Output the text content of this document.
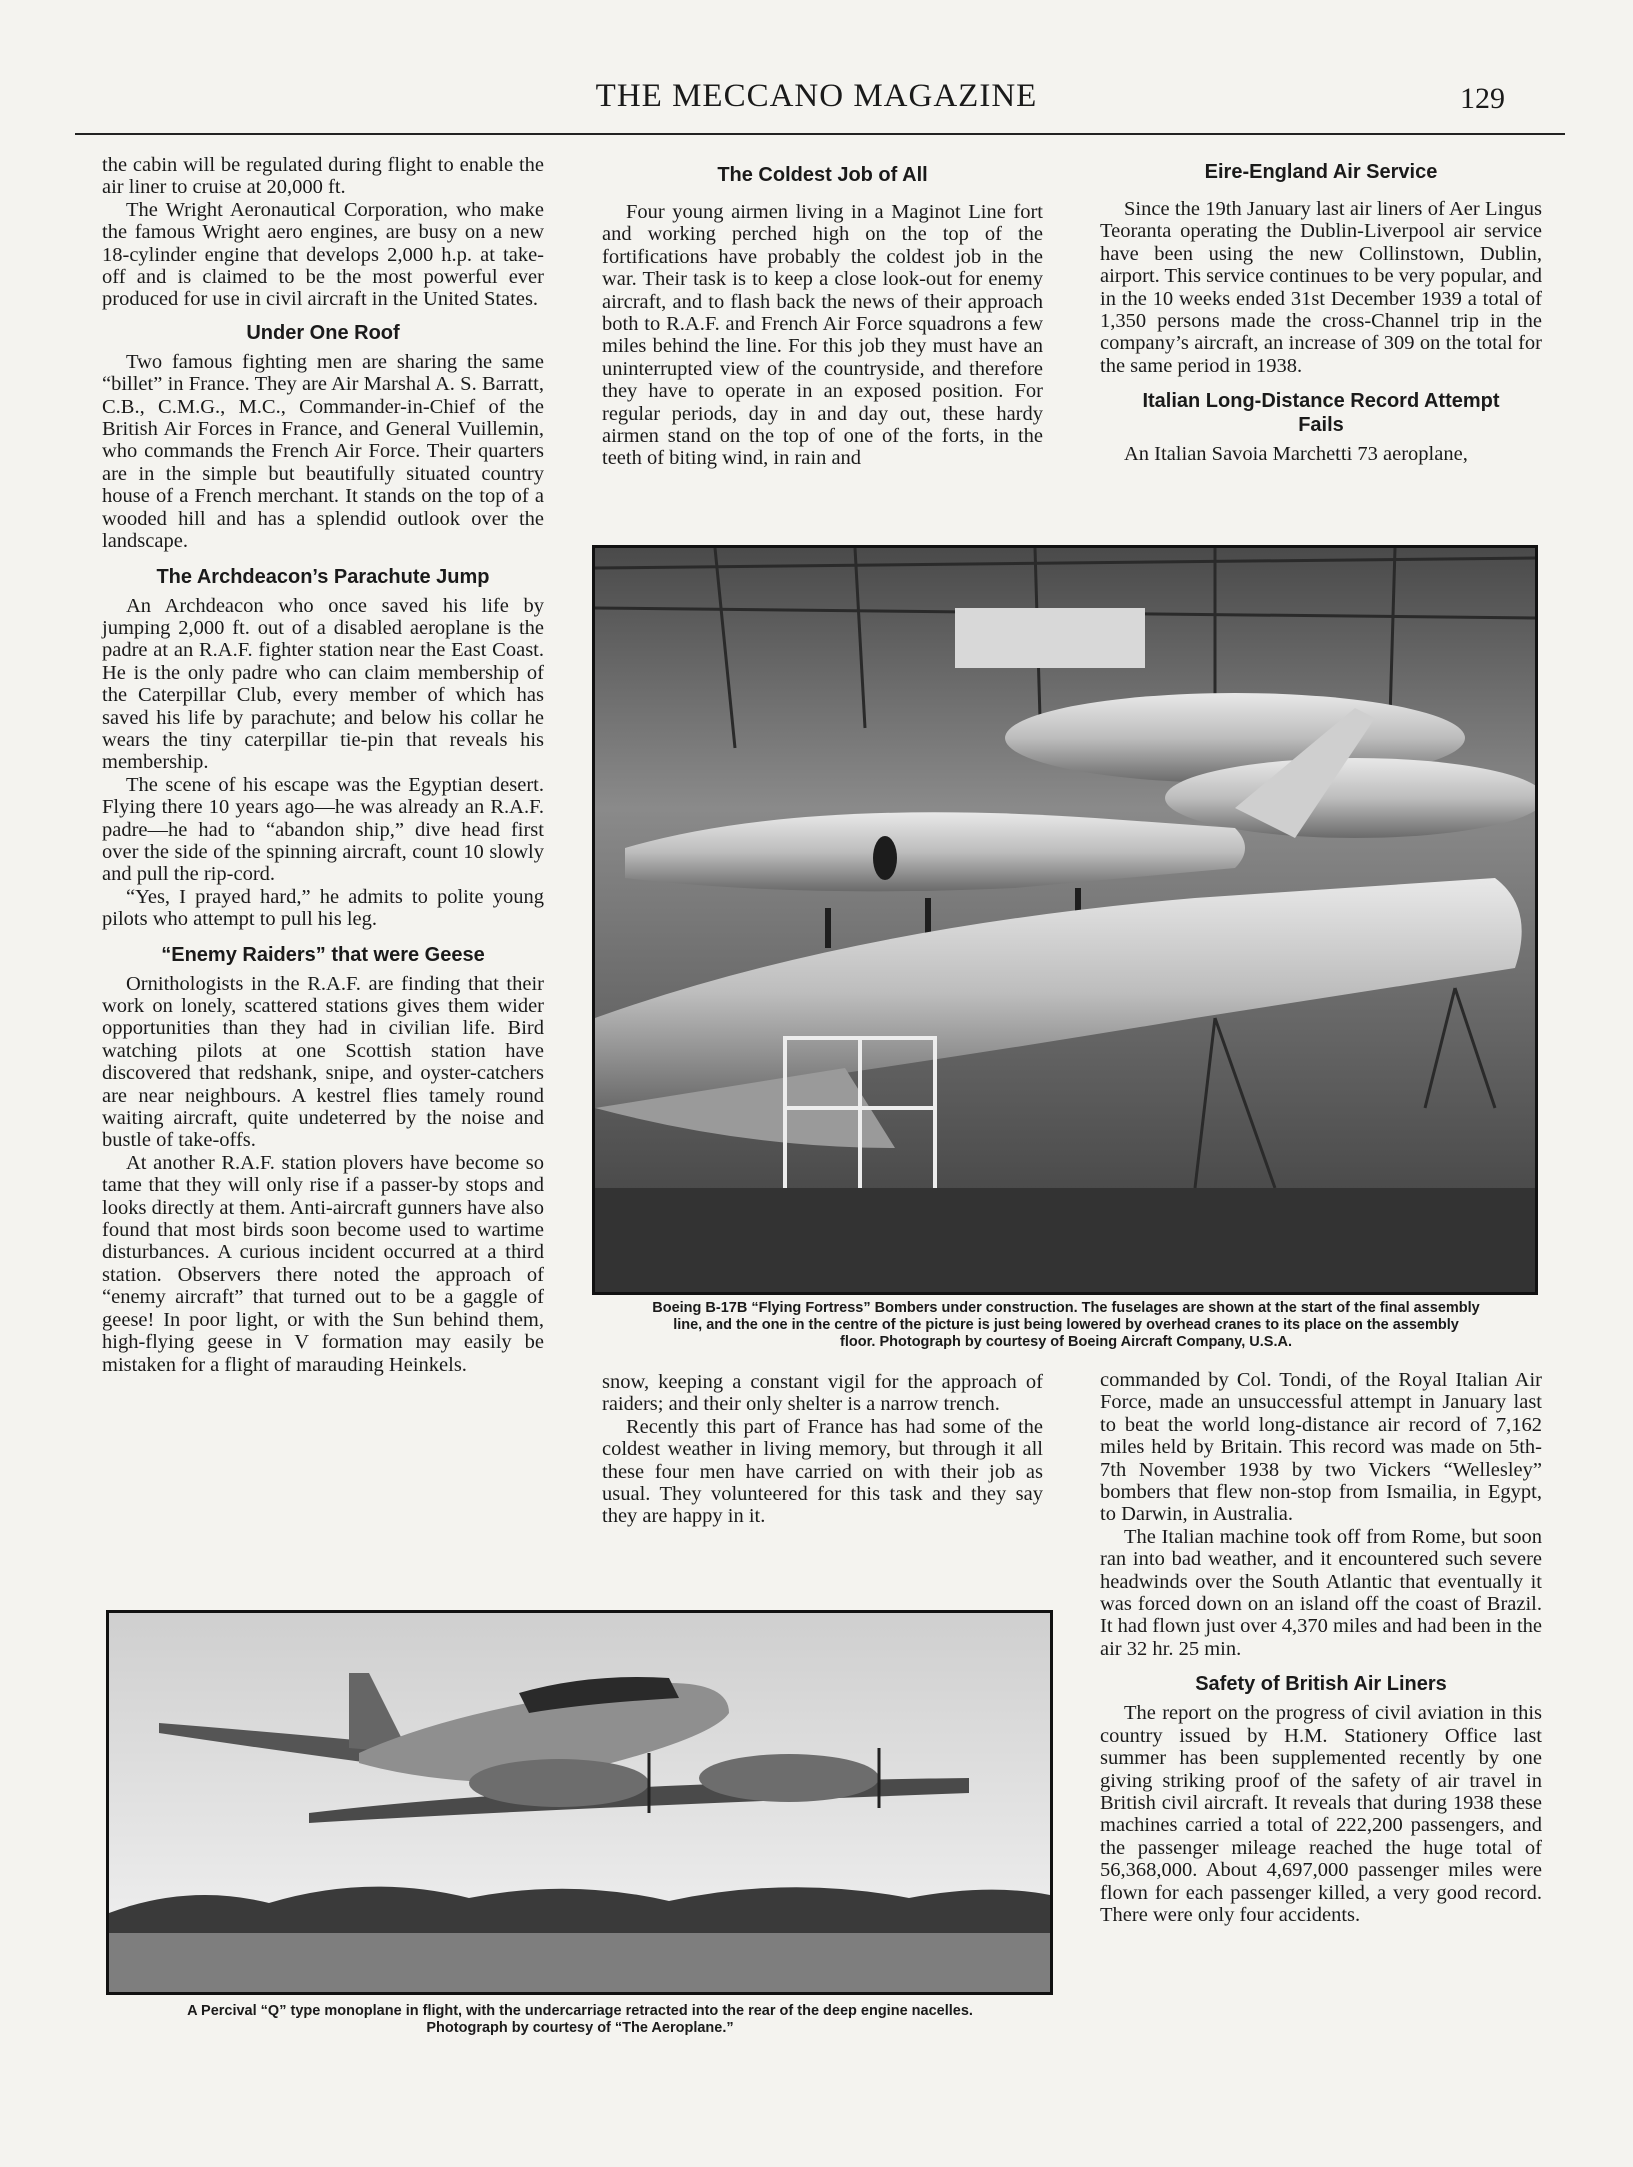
THE MECCANO MAGAZINE	129

the cabin will be regulated during flight to enable the air liner to cruise at 20,000 ft.

The Wright Aeronautical Corporation, who make the famous Wright aero engines, are busy on a new 18-cylinder engine that develops 2,000 h.p. at take-off and is claimed to be the most powerful ever produced for use in civil aircraft in the United States.

Under One Roof

Two famous fighting men are sharing the same “billet” in France. They are Air Marshal A. S. Barratt, C.B., C.M.G., M.C., Commander-in-Chief of the British Air Forces in France, and General Vuillemin, who commands the French Air Force. Their quarters are in the simple but beautifully situated country house of a French merchant. It stands on the top of a wooded hill and has a splendid outlook over the landscape.

The Archdeacon’s Parachute Jump

An Archdeacon who once saved his life by jumping 2,000 ft. out of a disabled aeroplane is the padre at an R.A.F. fighter station near the East Coast. He is the only padre who can claim membership of the Caterpillar Club, every member of which has saved his life by parachute; and below his collar he wears the tiny caterpillar tie-pin that reveals his membership.

The scene of his escape was the Egyptian desert. Flying there 10 years ago—he was already an R.A.F. padre—he had to “abandon ship,” dive head first over the side of the spinning aircraft, count 10 slowly and pull the rip-cord.

“Yes, I prayed hard,” he admits to polite young pilots who attempt to pull his leg.

“Enemy Raiders” that were Geese

Ornithologists in the R.A.F. are finding that their work on lonely, scattered stations gives them wider opportunities than they had in civilian life. Bird watching pilots at one Scottish station have discovered that redshank, snipe, and oyster-catchers are near neighbours. A kestrel flies tamely round waiting aircraft, quite undeterred by the noise and bustle of take-offs.

At another R.A.F. station plovers have become so tame that they will only rise if a passer-by stops and looks directly at them. Anti-aircraft gunners have also found that most birds soon become used to wartime disturbances. A curious incident occurred at a third station. Observers there noted the approach of “enemy aircraft” that turned out to be a gaggle of geese! In poor light, or with the Sun behind them, high-flying geese in V formation may easily be mistaken for a flight of marauding Heinkels.

The Coldest Job of All

Four young airmen living in a Maginot Line fort and working perched high on the top of the fortifications have probably the coldest job in the war. Their task is to keep a close look-out for enemy aircraft, and to flash back the news of their approach both to R.A.F. and French Air Force squadrons a few miles behind the line. For this job they must have an uninterrupted view of the countryside, and therefore they have to operate in an exposed position. For regular periods, day in and day out, these hardy airmen stand on the top of one of the forts, in the teeth of biting wind, in rain and

Eire-England Air Service

Since the 19th January last air liners of Aer Lingus Teoranta operating the Dublin-Liverpool air service have been using the new Collinstown, Dublin, airport. This service continues to be very popular, and in the 10 weeks ended 31st December 1939 a total of 1,350 persons made the cross-Channel trip in the company’s aircraft, an increase of 309 on the total for the same period in 1938.

Italian Long-Distance Record Attempt Fails

An Italian Savoia Marchetti 73 aeroplane,

Boeing B-17B “Flying Fortress” Bombers under construction. The fuselages are shown at the start of the final assembly
line, and the one in the centre of the picture is just being lowered by overhead cranes to its place on the assembly
floor. Photograph by courtesy of Boeing Aircraft Company, U.S.A.

snow, keeping a constant vigil for the approach of raiders; and their only shelter is a narrow trench.

Recently this part of France has had some of the coldest weather in living memory, but through it all these four men have carried on with their job as usual. They volunteered for this task and they say they are happy in it.

commanded by Col. Tondi, of the Royal Italian Air Force, made an unsuccessful attempt in January last to beat the world long-distance air record of 7,162 miles held by Britain. This record was made on 5th-7th November 1938 by two Vickers “Wellesley” bombers that flew non-stop from Ismailia, in Egypt, to Darwin, in Australia.

The Italian machine took off from Rome, but soon ran into bad weather, and it encountered such severe headwinds over the South Atlantic that eventually it was forced down on an island off the coast of Brazil. It had flown just over 4,370 miles and had been in the air 32 hr. 25 min.

Safety of British Air Liners

The report on the progress of civil aviation in this country issued by H.M. Stationery Office last summer has been supplemented recently by one giving striking proof of the safety of air travel in British civil aircraft. It reveals that during 1938 these machines carried a total of 222,200 passengers, and the passenger mileage reached the huge total of 56,368,000. About 4,697,000 passenger miles were flown for each passenger killed, a very good record. There were only four accidents.

A Percival “Q” type monoplane in flight, with the undercarriage retracted into the rear of the deep engine nacelles.
Photograph by courtesy of “The Aeroplane.”
